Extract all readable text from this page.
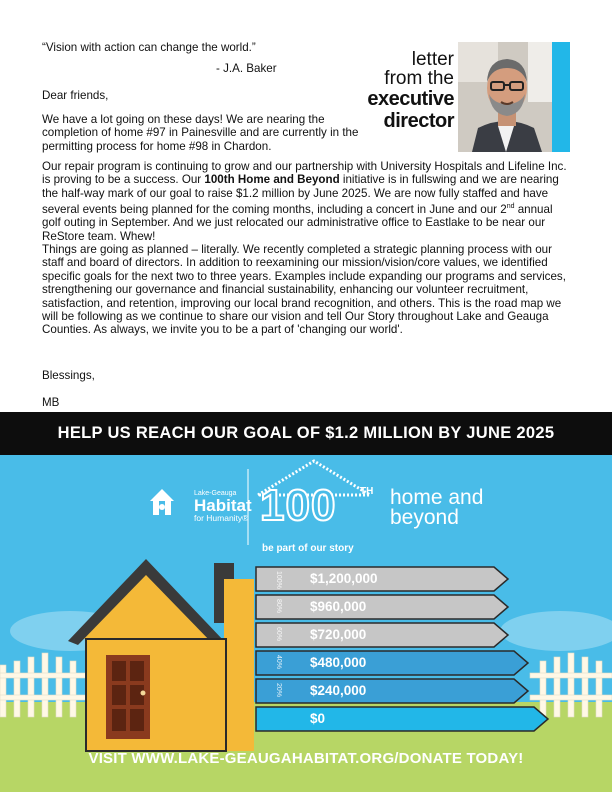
“Vision with action can change the world.”
- J.A. Baker
Dear friends,
We have a lot going on these days! We are nearing the completion of home #97 in Painesville and are currently in the permitting process for home #98 in Chardon.
Our repair program is continuing to grow and our partnership with University Hospitals and Lifeline Inc. is proving to be a success. Our 100th Home and Beyond initiative is in fullswing and we are nearing the half-way mark of our goal to raise $1.2 million by June 2025. We are now fully staffed and have several events being planned for the coming months, including a concert in June and our 2nd annual golf outing in September. And we just relocated our administrative office to Eastlake to be near our ReStore team. Whew!
Things are going as planned – literally. We recently completed a strategic planning process with our staff and board of directors. In addition to reexamining our mission/vision/core values, we identified specific goals for the next two to three years. Examples include expanding our programs and services, strengthening our governance and financial sustainability, enhancing our volunteer recruitment, satisfaction, and retention, improving our local brand recognition, and others. This is the road map we will be following as we continue to share our vision and tell Our Story throughout Lake and Geauga Counties. As always, we invite you to be a part of 'changing our world'.
Blessings,
MB
letter
from the
executive
director
HELP US REACH OUR GOAL OF $1.2 MILLION BY JUNE 2025
Lake-Geauga
Habitat
for Humanity® 100 TH home and
beyond
be part of our story
$1,200,000
100%
$960,000
80%
$720,000
60%
$480,000
40%
$240,000
20%
$0
VISIT WWW.LAKE-GEAUGAHABITAT.ORG/DONATE TODAY!
